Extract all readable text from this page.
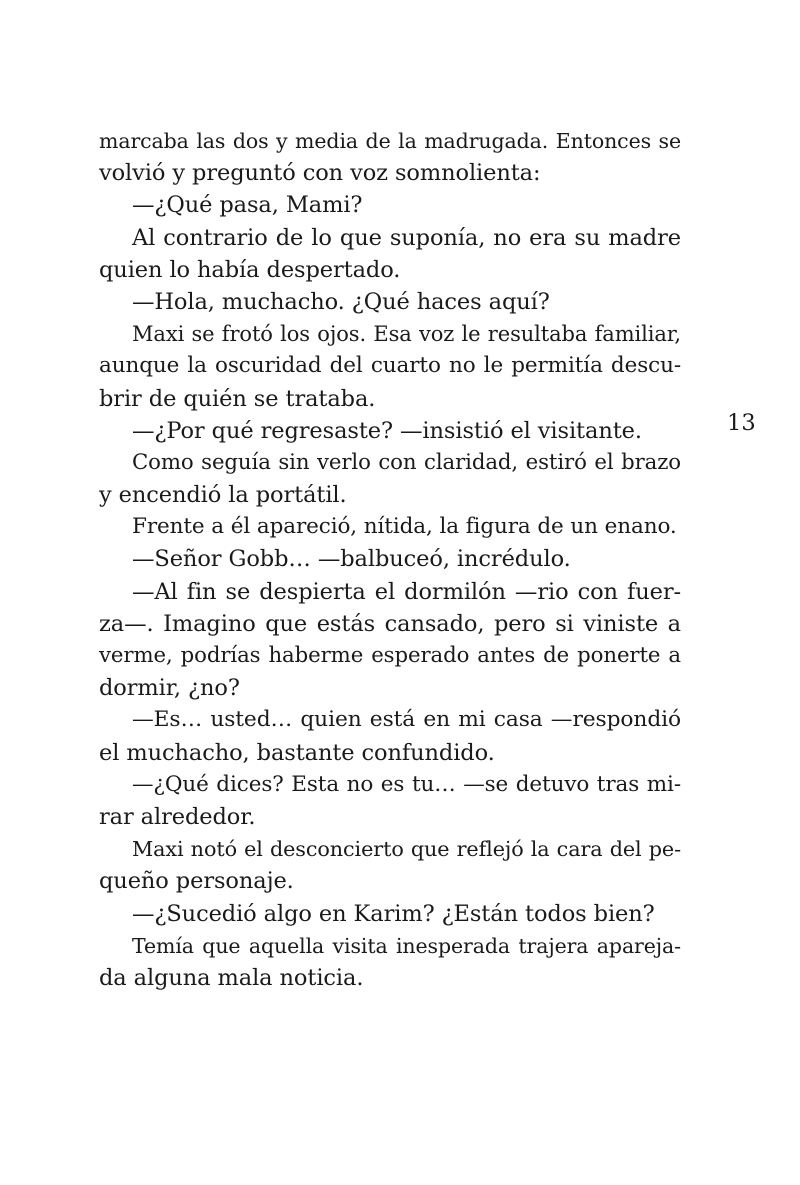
marcaba las dos y media de la madrugada. Entonces se
volvió y preguntó con voz somnolienta:
—¿Qué pasa, Mami?
Al contrario de lo que suponía, no era su madre
quien lo había despertado.
—Hola, muchacho. ¿Qué haces aquí?
Maxi se frotó los ojos. Esa voz le resultaba familiar,
aunque la oscuridad del cuarto no le permitía descu-
brir de quién se trataba.
—¿Por qué regresaste? —insistió el visitante.
Como seguía sin verlo con claridad, estiró el brazo
y encendió la portátil.
Frente a él apareció, nítida, la figura de un enano.
—Señor Gobb… —balbuceó, incrédulo.
—Al fin se despierta el dormilón —rio con fuer-
za—. Imagino que estás cansado, pero si viniste a
verme, podrías haberme esperado antes de ponerte a
dormir, ¿no?
—Es… usted… quien está en mi casa —respondió
el muchacho, bastante confundido.
—¿Qué dices? Esta no es tu… —se detuvo tras mi-
rar alrededor.
Maxi notó el desconcierto que reflejó la cara del pe-
queño personaje.
—¿Sucedió algo en Karim? ¿Están todos bien?
Temía que aquella visita inesperada trajera apareja-
da alguna mala noticia.
13
